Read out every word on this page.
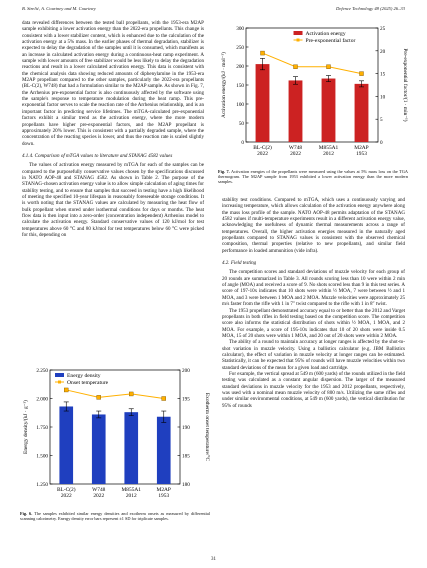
B. Strelić, A. Courtney and M. Courtney	Defence Technology 48 (2025) 26–33

data revealed differences between the tested ball propellants, with the 1953-era M2AP sample exhibiting a lower activation energy than the 2022-era propellants. This change is consistent with a lower stabilizer content, which is enhanced due to the calculation of the activation energy at a 5% mass. In the earlier phases of thermal degradation, stabilizer is expected to delay the degradation of the samples until it is consumed, which manifests as an increase in calculated activation energy during a continuous-heat ramp experiment. A sample with lower amounts of free stabilizer would be less likely to delay the degradation reactions and result in a lower calculated activation energy. This data is consistent with the chemical analysis data showing reduced amounts of diphenylamine in the 1953-era M2AP propellant compared to the other samples, particularly the 2022-era propellants (BL-C(2), W748) that had a formulation similar to the M2AP sample. As shown in Fig. 7, the Arrhenius pre-exponential factor is also continuously affected by the software using the sample's response to temperature modulation during the heat ramp. This pre-exponential factor serves to scale the reaction rate of the Arrhenius relationship, and is an important factor in predicting service lifetimes. The mTGA-calculated pre-exponential factors exhibit a similar trend as the activation energy, where the more modern propellants have higher pre-exponential factors, and the M2AP propellant is approximately 20% lower. This is consistent with a partially degraded sample, where the concentration of the reacting species is lower, and thus the reaction rate is scaled slightly down.

4.1.4. Comparison of mTGA values to literature and STANAG 4582 values

The values of activation energy measured by mTGA for each of the samples can be compared to the purposefully conservative values chosen by the specifications discussed in NATO AOP-48 and STANAG 4582. As shown in Table 2. The purpose of the STANAG-chosen activation energy value is to allow simple calculation of aging times for stability testing, and to ensure that samples that succeed in testing have a high likelihood of meeting the specified 10-year lifespan in reasonably foreseeable storage conditions. It is worth noting that the STANAG values are calculated by measuring the heat flow of bulk propellant when stored under isothermal conditions for days or months. The heat flow data is then input into a zero-order (concentration independent) Arrhenius model to calculate the activation energy. Standard conservative values of 120 kJ/mol for test temperatures above 60 °C and 80 kJ/mol for test temperatures below 60 °C were picked for this, depending on

1.250
1.500
1.750
2.000
2.250
180
185
190
195
200
BL-C(2)
2022
W748
2022
M855A1
2012
M2AP
1953
Energy density
Onset temperature
Energy density/(kJ · g⁻¹)	Exotherm onset temperature/°C
Fig. 6. The samples exhibited similar energy densities and exotherm onsets as measured by differential scanning calorimetry. Energy density error bars represent ±1 SD for triplicate samples.
0
50
100
150
200
250
300
0
5
10
15
20
25
BL-C(2)
2022
W748
2022
M855A1
2012
M2AP
1953
Activation energy
Pre-exponential factor
Activation energy/(kJ · mol⁻¹)	Pre-exponential factor/(1 · min⁻¹)
Fig. 7. Activation energies of the propellants were measured using the values at 5% mass loss on the TGA thermogram. The M2AP sample from 1953 exhibited a lower activation energy than the more modern samples.

stability test conditions. Compared to mTGA, which uses a continuously varying and increasing temperature, which allows calculation of the activation energy anywhere along the mass loss profile of the sample. NATO AOP-48 permits adaptation of the STANAG 4582 values if multi-temperature experiments result in a different activation energy value, acknowledging the usefulness of dynamic thermal measurements across a range of temperatures. Overall, the higher activation energies measured in the naturally aged propellants compared to STANAG values is consistent with the observed chemical composition, thermal properties (relative to new propellants), and similar field performance in loaded ammunition (vide infra).

4.2. Field testing

The competition scores and standard deviations of muzzle velocity for each group of 20 rounds are summarized in Table 3. All rounds scoring less than 10 were within 2 min of angle (MOA) and received a score of 9. No shots scored less than 9 in this test series. A score of 197-10x indicates that 10 shots were within ½ MOA, 7 were between ½ and 1 MOA, and 3 were between 1 MOA and 2 MOA. Muzzle velocities were approximately 25 m/s faster from the rifle with 1 in 7″ twist compared to the rifle with 1 in 8″ twist.

The 1953 propellant demonstrated accuracy equal to or better than the 2012 and Varget propellants in both rifles in field testing based on the competition score. The competition score also informs the statistical distribution of shots within ½ MOA, 1 MOA, and 2 MOA. For example, a score of 195-10x indicates that 10 of 20 shots were inside 0.5 MOA, 15 of 20 shots were within 1 MOA, and 20 out of 20 shots were within 2 MOA.

The ability of a round to maintain accuracy at longer ranges is affected by the shot-to-shot variation in muzzle velocity. Using a ballistics calculator (e.g. JBM Ballistics calculator), the effect of variation in muzzle velocity at longer ranges can be estimated. Statistically, it can be expected that 95% of rounds will have muzzle velocities within two standard deviations of the mean for a given load and cartridge.

For example, the vertical spread at 549 m (600 yards) of the rounds utilized in the field testing was calculated as a constant angular dispersion. The larger of the measured standard deviations in muzzle velocity for the 1953 and 2012 propellants, respectively, was used with a nominal mean muzzle velocity of 800 m/s. Utilizing the same rifles and under similar environmental conditions, at 549 m (600 yards), the vertical distribution for 95% of rounds

31
